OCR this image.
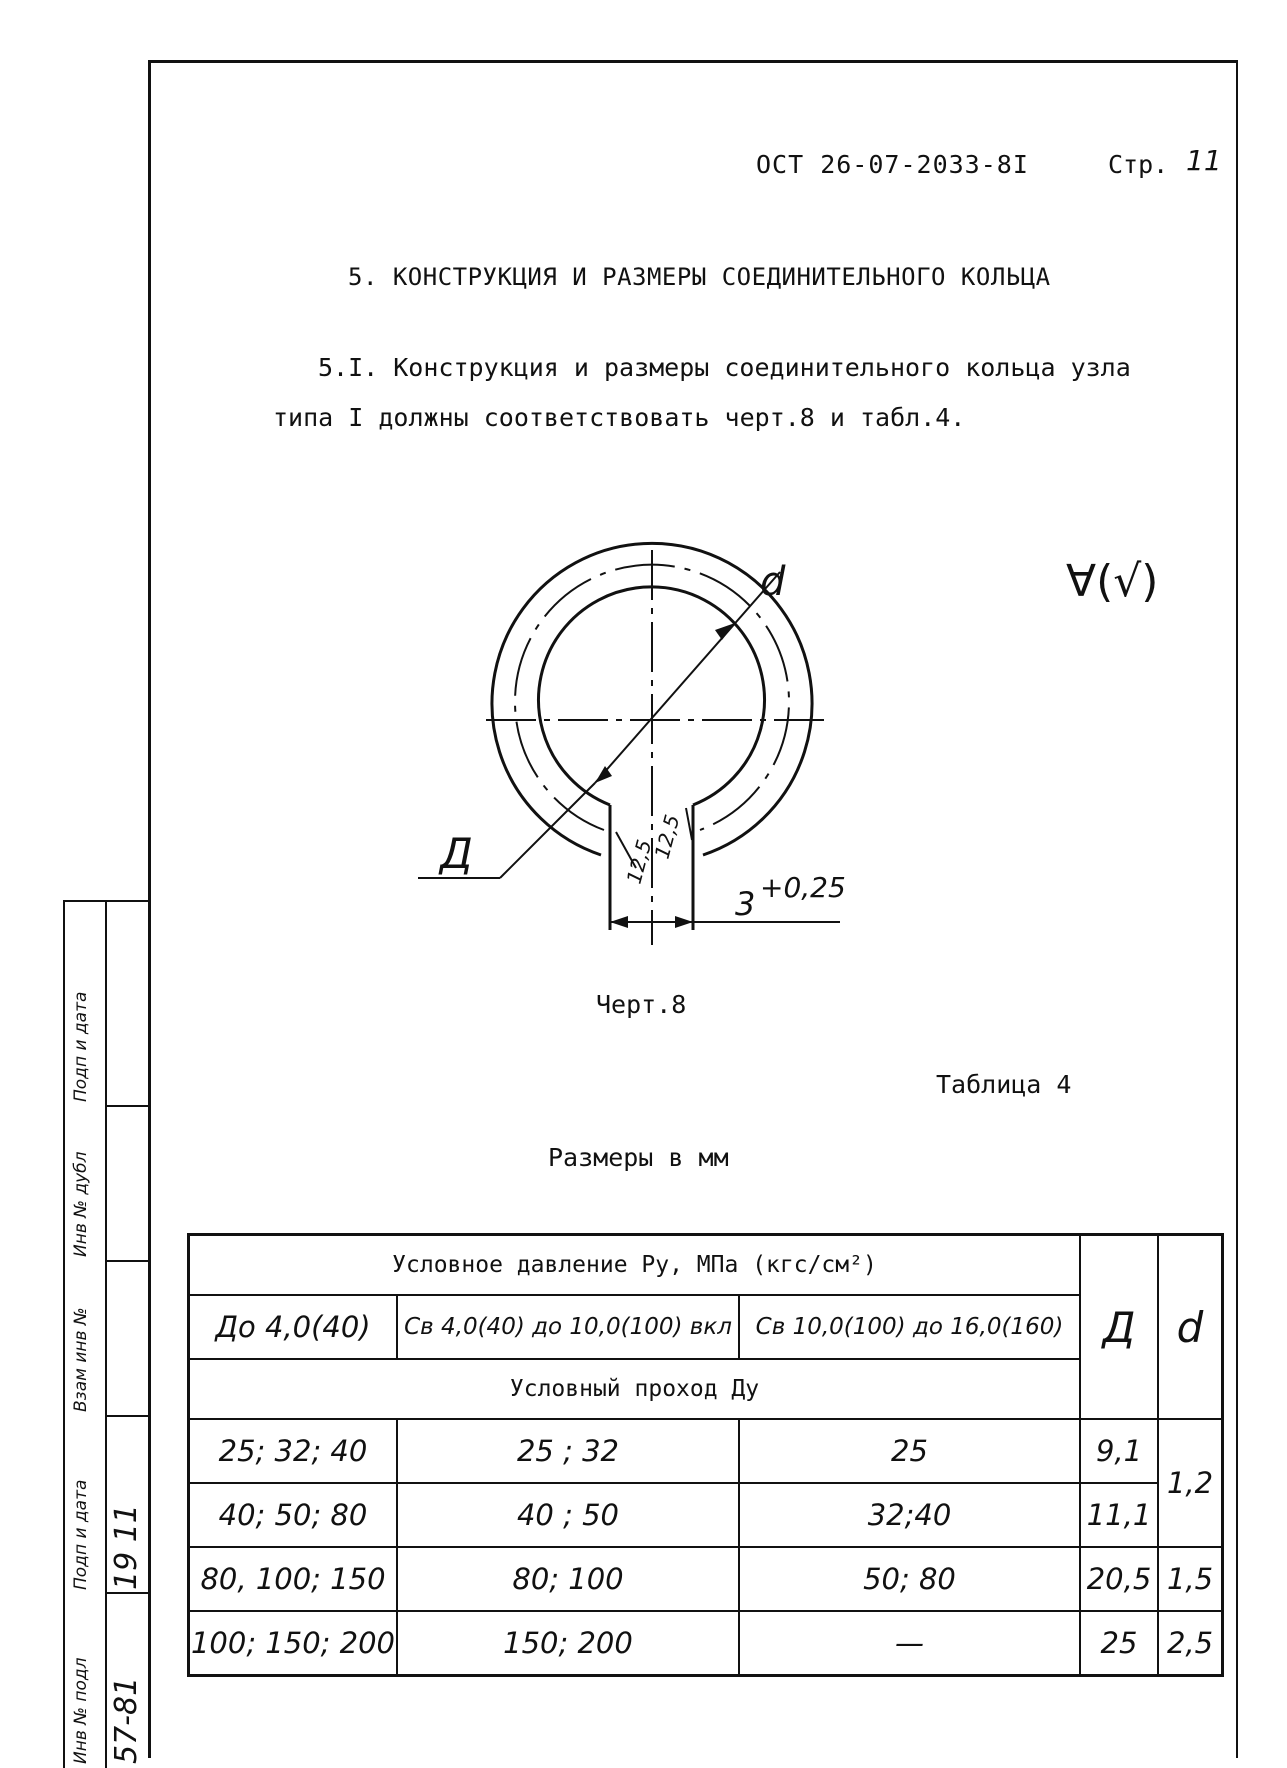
ОСТ 26-07-2033-8I	Стр. 11
5. КОНСТРУКЦИЯ И РАЗМЕРЫ СОЕДИНИТЕЛЬНОГО КОЛЬЦА
5.I. Конструкция и размеры соединительного кольца узла
типа I должны соответствовать черт.8 и табл.4.
∀(√)
d
Д	12,5
12,5
3 +0,25
Черт.8
Таблица 4
Размеры в мм
Условное давление Ру, МПа (кгс/см²)			Д	d
До 4,0(40)	Св 4,0(40) до 10,0(100) вкл	Св 10,0(100) до 16,0(160)		
Условный проход Ду				
25; 32; 40	25 ; 32	25	9,1	1,2
40; 50; 80	40 ; 50	32;40	11,1	
80, 100; 150	80; 100	50; 80	20,5	1,5
100; 150; 200	150; 200	—	25	2,5
Инв № подл
Подп и дата
Взам инв №
Инв № дубл
Подп и дата
57-81
19 11
